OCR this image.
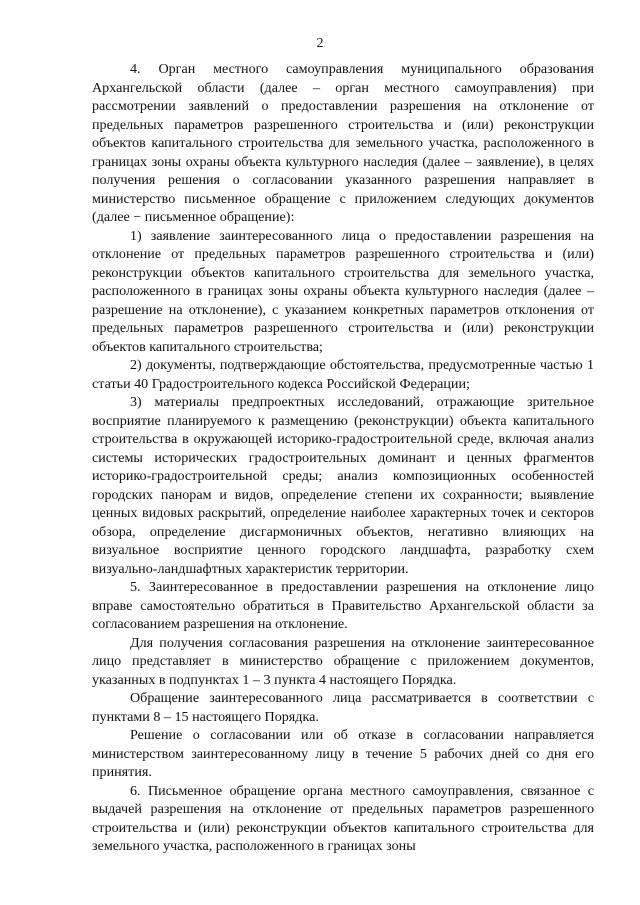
2

4. Орган местного самоуправления муниципального образования Архангельской области (далее – орган местного самоуправления) при рассмотрении заявлений о предоставлении разрешения на отклонение от предельных параметров разрешенного строительства и (или) реконструкции объектов капитального строительства для земельного участка, расположенного в границах зоны охраны объекта культурного наследия (далее – заявление), в целях получения решения о согласовании указанного разрешения направляет в министерство письменное обращение с приложением следующих документов (далее − письменное обращение):

1) заявление заинтересованного лица о предоставлении разрешения на отклонение от предельных параметров разрешенного строительства и (или) реконструкции объектов капитального строительства для земельного участка, расположенного в границах зоны охраны объекта культурного наследия (далее – разрешение на отклонение), с указанием конкретных параметров отклонения от предельных параметров разрешенного строительства и (или) реконструкции объектов капитального строительства;

2) документы, подтверждающие обстоятельства, предусмотренные частью 1 статьи 40 Градостроительного кодекса Российской Федерации;

3) материалы предпроектных исследований, отражающие зрительное восприятие планируемого к размещению (реконструкции) объекта капитального строительства в окружающей историко-градостроительной среде, включая анализ системы исторических градостроительных доминант и ценных фрагментов историко-градостроительной среды; анализ композиционных особенностей городских панорам и видов, определение степени их сохранности; выявление ценных видовых раскрытий, определение наиболее характерных точек и секторов обзора, определение дисгармоничных объектов, негативно влияющих на визуальное восприятие ценного городского ландшафта, разработку схем визуально-ландшафтных характеристик территории.

5. Заинтересованное в предоставлении разрешения на отклонение лицо вправе самостоятельно обратиться в Правительство Архангельской области за согласованием разрешения на отклонение.

Для получения согласования разрешения на отклонение заинтересованное лицо представляет в министерство обращение с приложением документов, указанных в подпунктах 1 – 3 пункта 4 настоящего Порядка.

Обращение заинтересованного лица рассматривается в соответствии с пунктами 8 – 15 настоящего Порядка.

Решение о согласовании или об отказе в согласовании направляется министерством заинтересованному лицу в течение 5 рабочих дней со дня его принятия.

6. Письменное обращение органа местного самоуправления, связанное с выдачей разрешения на отклонение от предельных параметров разрешенного строительства и (или) реконструкции объектов капитального строительства для земельного участка, расположенного в границах зоны
